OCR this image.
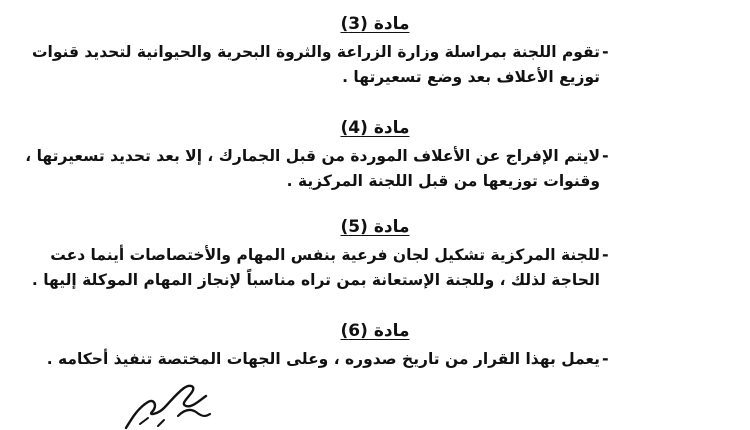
مادة (3)
-
تقوم اللجنة بمراسلة وزارة الزراعة والثروة البحرية والحيوانية لتحديد قنوات
توزيع الأعلاف بعد وضع تسعيرتها .
مادة (4)
-
لايتم الإفراج عن الأعلاف الموردة من قبل الجمارك ، إلا بعد تحديد تسعيرتها ،
وقنوات توزيعها من قبل اللجنة المركزية .
مادة (5)
-
للجنة المركزية تشكيل لجان فرعية بنفس المهام والأختصاصات أينما دعت
الحاجة لذلك ، وللجنة الإستعانة بمن تراه مناسباً لإنجاز المهام الموكلة إليها .
مادة (6)
-
يعمل بهذا القرار من تاريخ صدوره ، وعلى الجهات المختصة تنفيذ أحكامه .
